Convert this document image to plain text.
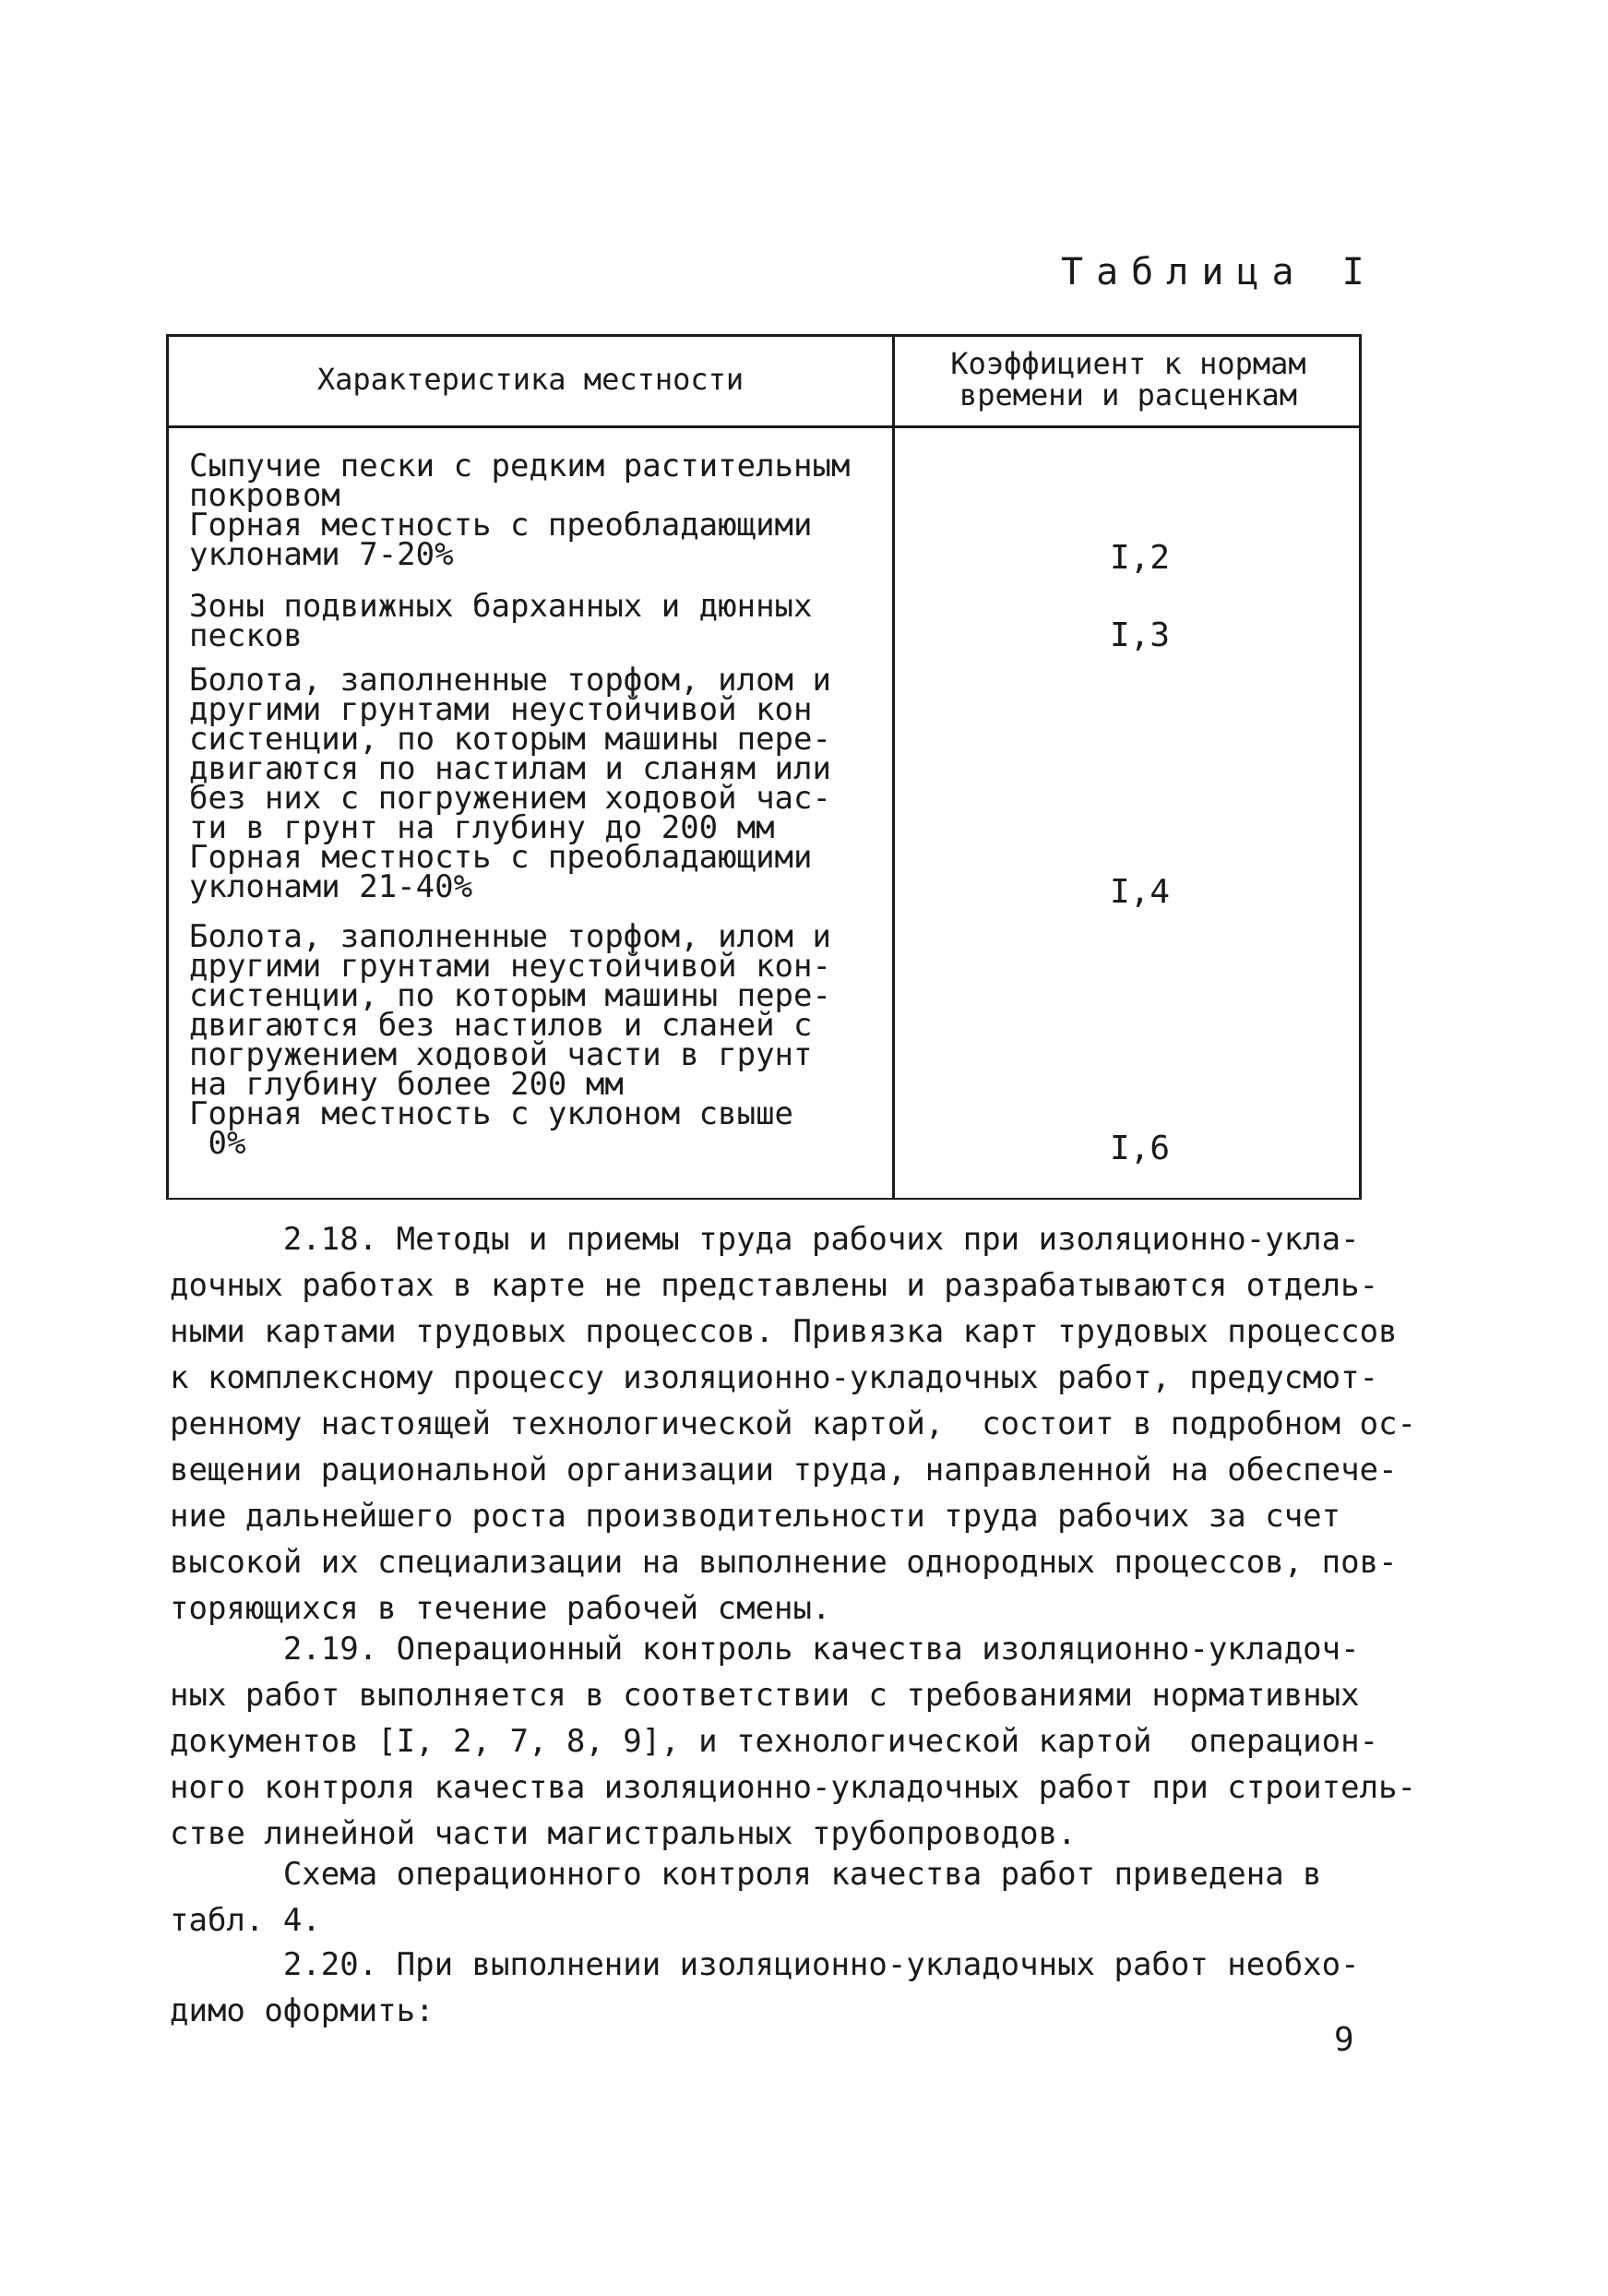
Таблица I
Характеристика местности	Коэффициент к нормам
времени и расценкам
Сыпучие пески с редким растительным
покровом
Горная местность с преобладающими
уклонами 7-20%	I,2
Зоны подвижных барханных и дюнных
песков	I,3
Болота, заполненные торфом, илом и
другими грунтами неустойчивой кон
систенции, по которым машины пере-
двигаются по настилам и сланям или
без них с погружением ходовой час-
ти в грунт на глубину до 200 мм
Горная местность с преобладающими
уклонами 21-40%	I,4
Болота, заполненные торфом, илом и
другими грунтами неустойчивой кон-
систенции, по которым машины пере-
двигаются без настилов и сланей с
погружением ходовой части в грунт
на глубину более 200 мм
Горная местность с уклоном свыше
0%	I,6
2.18. Методы и приемы труда рабочих при изоляционно-укла-
дочных работах в карте не представлены и разрабатываются отдель-
ными картами трудовых процессов. Привязка карт трудовых процессов
к комплексному процессу изоляционно-укладочных работ, предусмот-
ренному настоящей технологической картой,  состоит в подробном ос-
вещении рациональной организации труда, направленной на обеспече-
ние дальнейшего роста производительности труда рабочих за счет
высокой их специализации на выполнение однородных процессов, пов-
торяющихся в течение рабочей смены.
2.19. Операционный контроль качества изоляционно-укладоч-
ных работ выполняется в соответствии с требованиями нормативных
документов [I, 2, 7, 8, 9], и технологической картой  операцион-
ного контроля качества изоляционно-укладочных работ при строитель-
стве линейной части магистральных трубопроводов.
Схема операционного контроля качества работ приведена в
табл. 4.
2.20. При выполнении изоляционно-укладочных работ необхо-
димо оформить:
9
